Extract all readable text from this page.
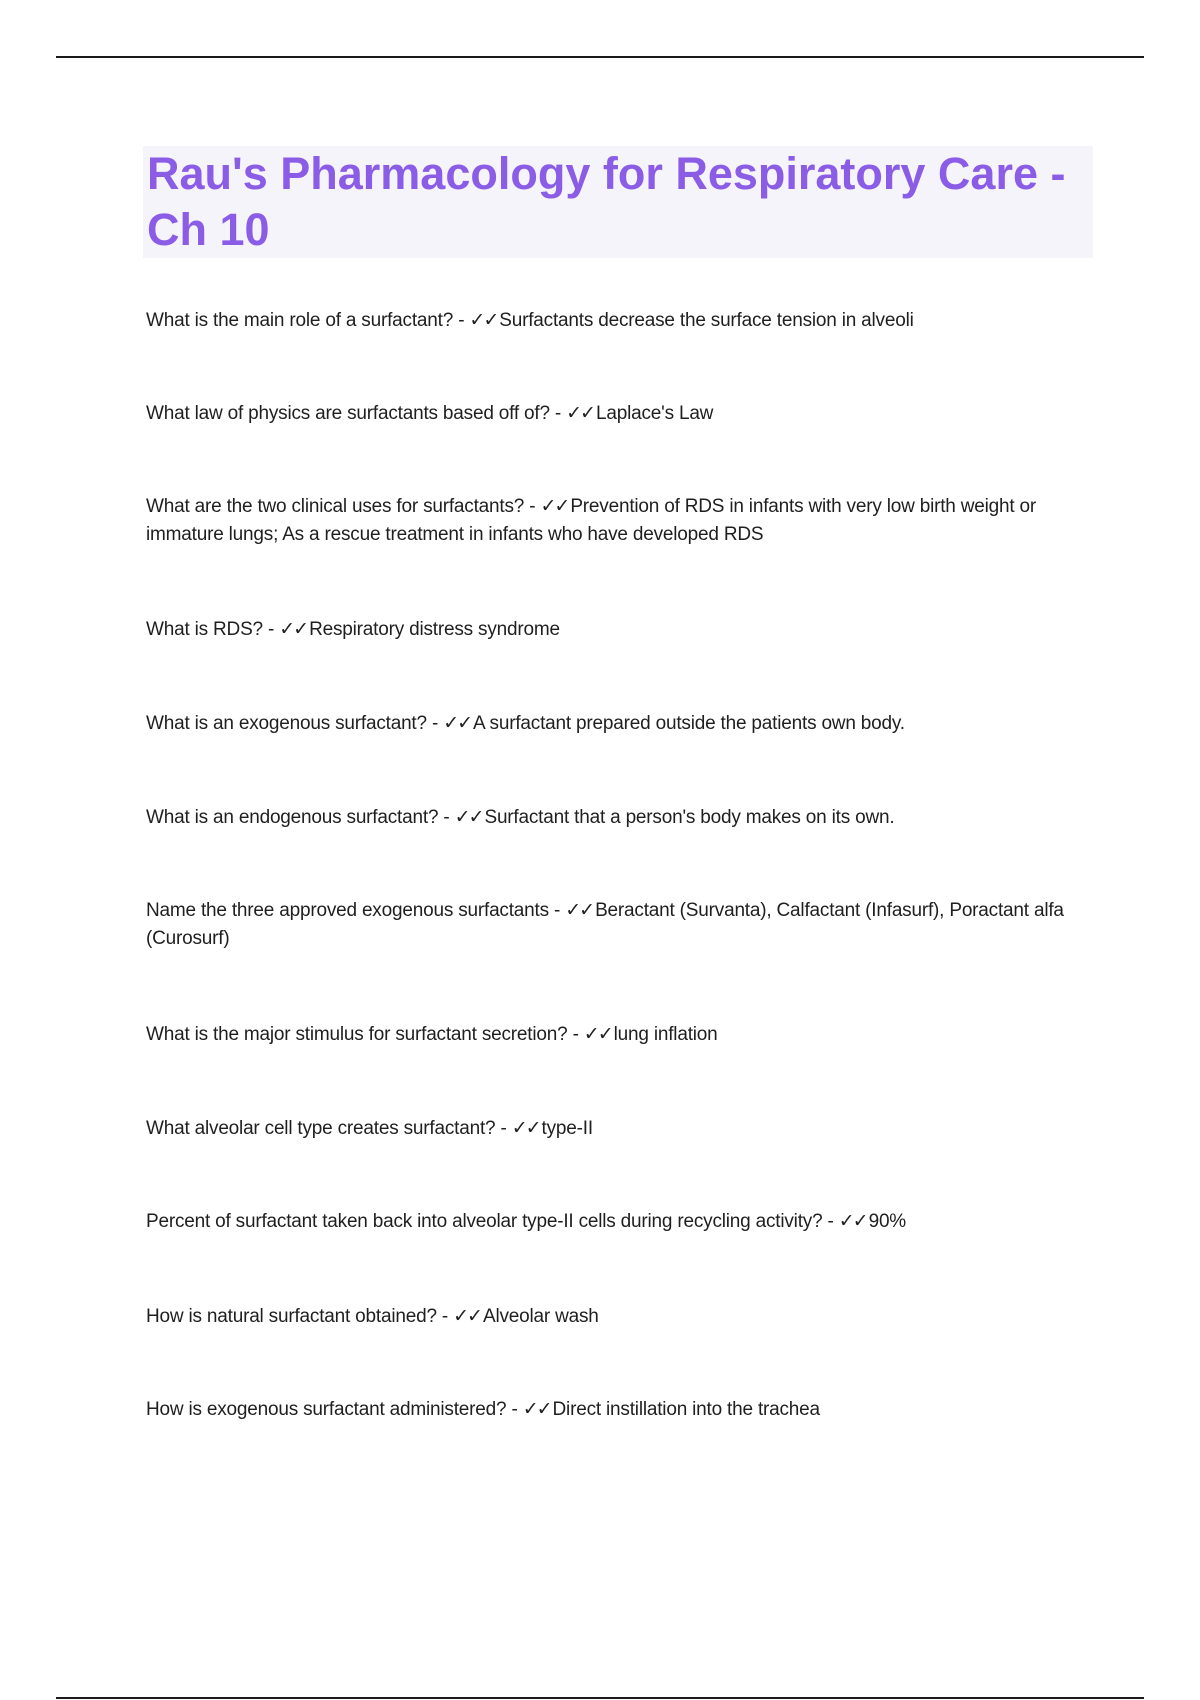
Rau's Pharmacology for Respiratory Care - Ch 10
What is the main role of a surfactant? - ✓✓ Surfactants decrease the surface tension in alveoli
What law of physics are surfactants based off of? - ✓✓ Laplace's Law
What are the two clinical uses for surfactants? - ✓✓ Prevention of RDS in infants with very low birth weight or immature lungs; As a rescue treatment in infants who have developed RDS
What is RDS? - ✓✓ Respiratory distress syndrome
What is an exogenous surfactant? - ✓✓ A surfactant prepared outside the patients own body.
What is an endogenous surfactant? - ✓✓ Surfactant that a person's body makes on its own.
Name the three approved exogenous surfactants - ✓✓ Beractant (Survanta), Calfactant (Infasurf), Poractant alfa (Curosurf)
What is the major stimulus for surfactant secretion? - ✓✓ lung inflation
What alveolar cell type creates surfactant? - ✓✓ type-II
Percent of surfactant taken back into alveolar type-II cells during recycling activity? - ✓✓ 90%
How is natural surfactant obtained? - ✓✓ Alveolar wash
How is exogenous surfactant administered? - ✓✓ Direct instillation into the trachea
